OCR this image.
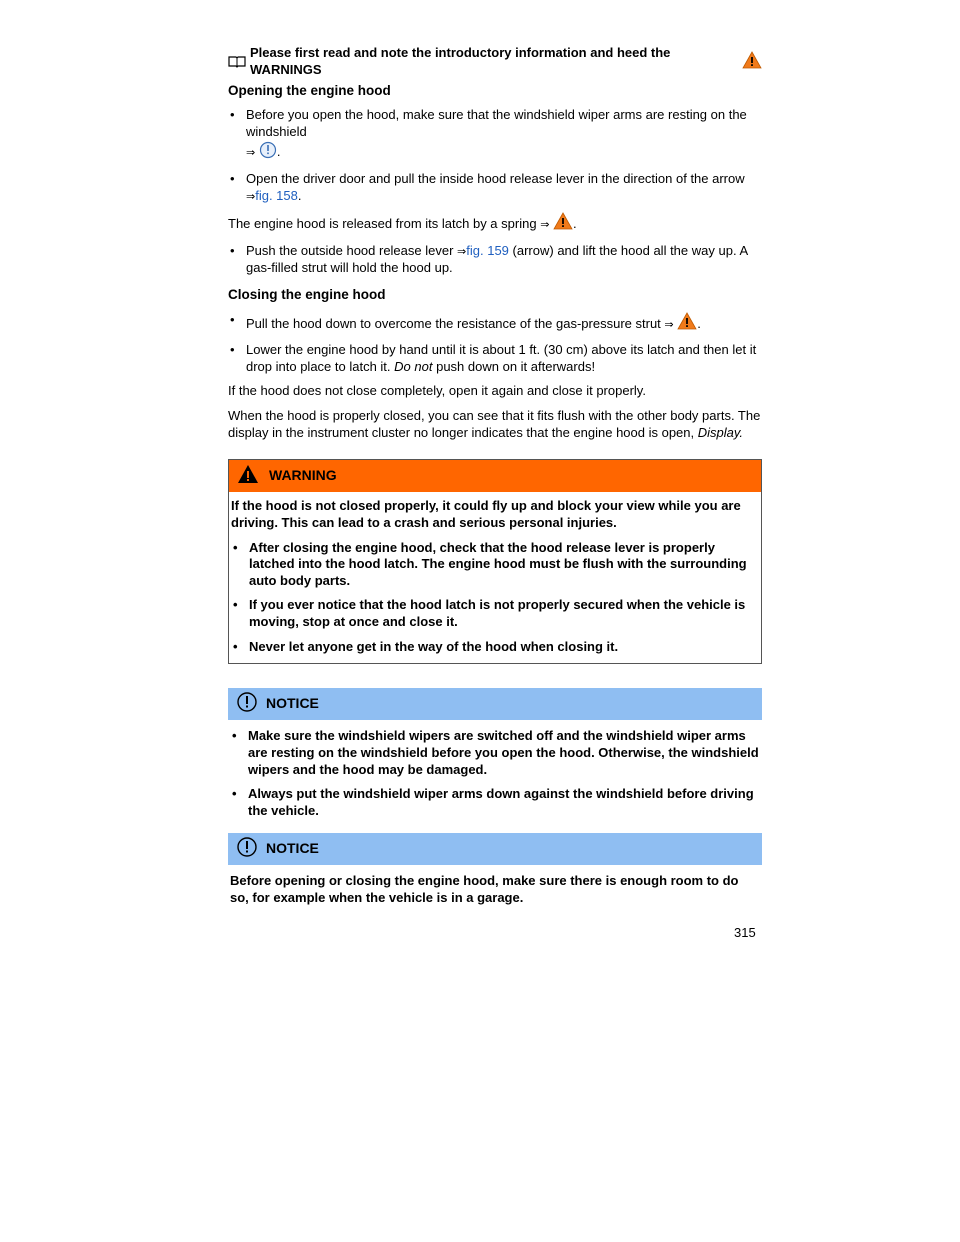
Please first read and note the introductory information and heed the WARNINGS
Opening the engine hood
• Before you open the hood, make sure that the windshield wiper arms are resting on the windshield
⇒ .
• Open the driver door and pull the inside hood release lever in the direction of the arrow ⇒fig. 158.

The engine hood is released from its latch by a spring ⇒ .

• Push the outside hood release lever ⇒fig. 159 (arrow) and lift the hood all the way up. A gas-filled strut will hold the hood up.
Closing the engine hood
• Pull the hood down to overcome the resistance of the gas-pressure strut ⇒ .
• Lower the engine hood by hand until it is about 1 ft. (30 cm) above its latch and then let it drop into place to latch it. Do not push down on it afterwards!

If the hood does not close completely, open it again and close it properly.

When the hood is properly closed, you can see that it fits flush with the other body parts. The display in the instrument cluster no longer indicates that the engine hood is open, Display.

WARNING

If the hood is not closed properly, it could fly up and block your view while you are driving. This can lead to a crash and serious personal injuries.

• After closing the engine hood, check that the hood release lever is properly latched into the hood latch. The engine hood must be flush with the surrounding auto body parts.
• If you ever notice that the hood latch is not properly secured when the vehicle is moving, stop at once and close it.
• Never let anyone get in the way of the hood when closing it.
NOTICE
• Make sure the windshield wipers are switched off and the windshield wiper arms are resting on the windshield before you open the hood. Otherwise, the windshield wipers and the hood may be damaged.
• Always put the windshield wiper arms down against the windshield before driving the vehicle.
NOTICE

Before opening or closing the engine hood, make sure there is enough room to do so, for example when the vehicle is in a garage.

315
